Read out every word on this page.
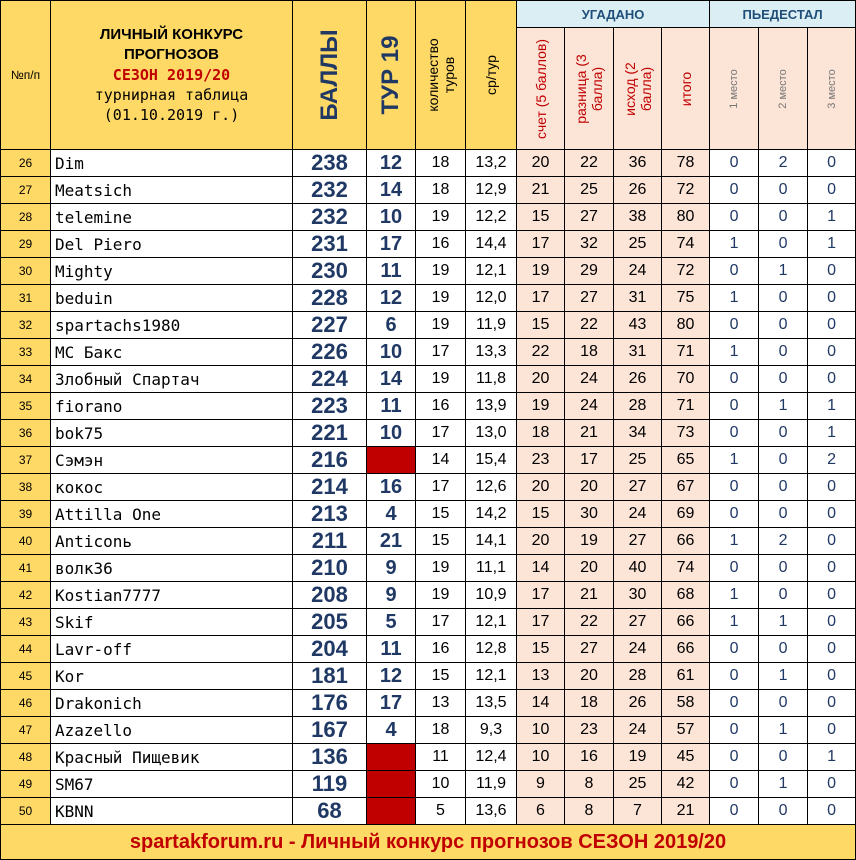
№п/п	ЛИЧНЫЙ КОНКУРС
ПРОГНОЗОВ
СЕЗОН 2019/20
турнирная таблица
(01.10.2019 г.)	БАЛЛЫ	ТУР 19	количество туров	ср/тур	УГАДАНО				ПЬЕДЕСТАЛ		

						счет (5 баллов)	разница (3 балла)	исход (2 балла)	итого	1 место	2 место	3 место

26	Dim	238	12	18	13,2	20	22	36	78	0	2	0
27	Meatsich	232	14	18	12,9	21	25	26	72	0	0	0
28	telemine	232	10	19	12,2	15	27	38	80	0	0	1
29	Del Piero	231	17	16	14,4	17	32	25	74	1	0	1
30	Mighty	230	11	19	12,1	19	29	24	72	0	1	0
31	beduin	228	12	19	12,0	17	27	31	75	1	0	0
32	spartachs1980	227	6	19	11,9	15	22	43	80	0	0	0
33	MC Бакс	226	10	17	13,3	22	18	31	71	1	0	0
34	Злобный Спартач	224	14	19	11,8	20	24	26	70	0	0	0
35	fiorano	223	11	16	13,9	19	24	28	71	0	1	1
36	bok75	221	10	17	13,0	18	21	34	73	0	0	1
37	Сэмэн	216		14	15,4	23	17	25	65	1	0	2
38	кокос	214	16	17	12,6	20	20	27	67	0	0	0
39	Attilla One	213	4	15	14,2	15	30	24	69	0	0	0
40	Anticonь	211	21	15	14,1	20	19	27	66	1	2	0
41	волк36	210	9	19	11,1	14	20	40	74	0	0	0
42	Kostian7777	208	9	19	10,9	17	21	30	68	1	0	0
43	Skif	205	5	17	12,1	17	22	27	66	1	1	0
44	Lavr-off	204	11	16	12,8	15	27	24	66	0	0	0
45	Kor	181	12	15	12,1	13	20	28	61	0	1	0
46	Drakonich	176	17	13	13,5	14	18	26	58	0	0	0
47	Azazello	167	4	18	9,3	10	23	24	57	0	1	0
48	Красный Пищевик	136		11	12,4	10	16	19	45	0	0	1
49	SM67	119		10	11,9	9	8	25	42	0	1	0
50	KBNN	68		5	13,6	6	8	7	21	0	0	0
spartakforum.ru - Личный конкурс прогнозов СЕЗОН 2019/20												
